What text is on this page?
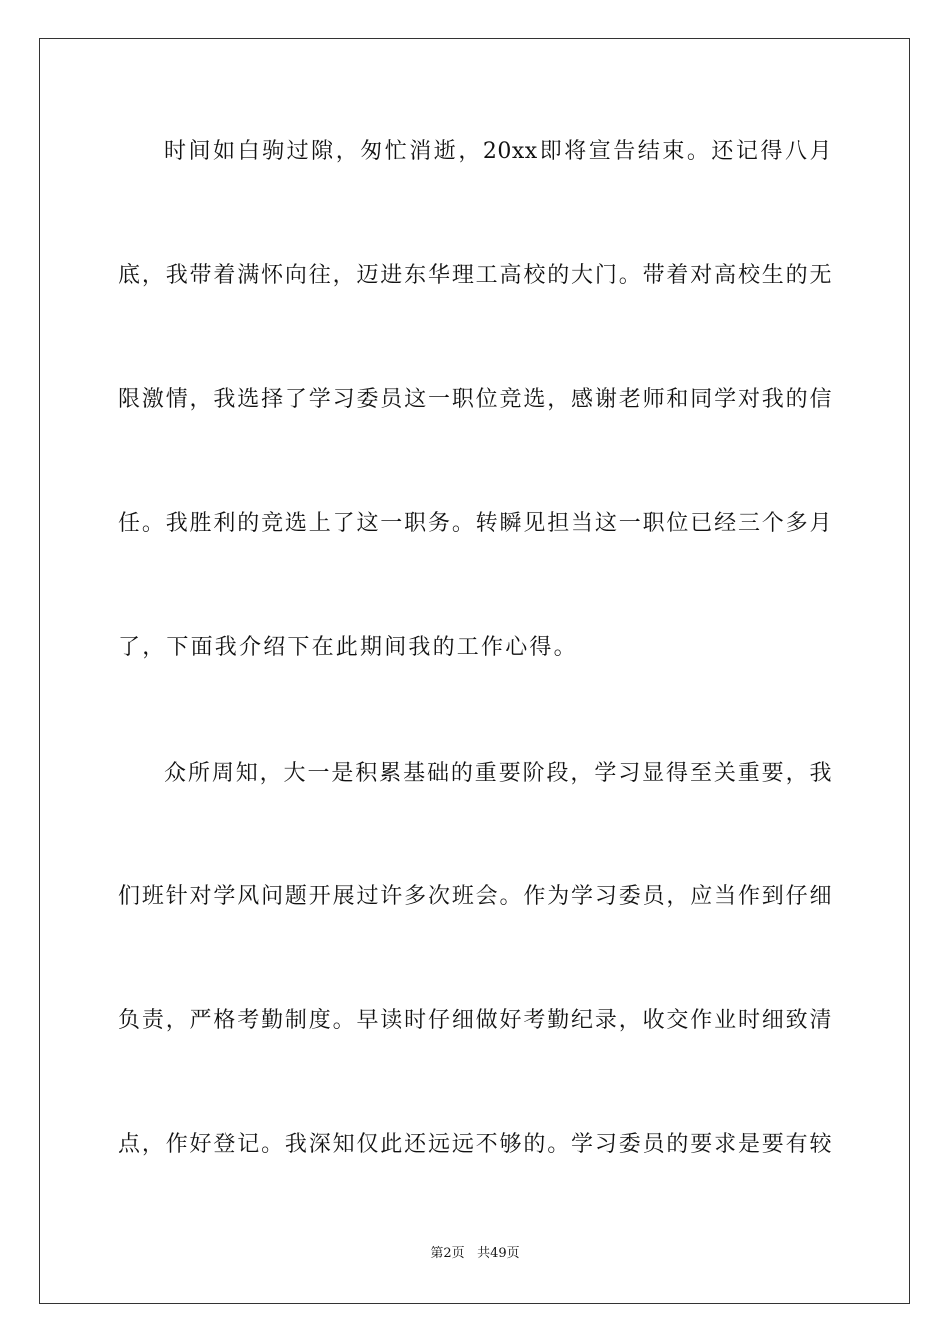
时间如白驹过隙，匆忙消逝，20xx即将宣告结束。还记得八月
底，我带着满怀向往，迈进东华理工高校的大门。带着对高校生的无
限激情，我选择了学习委员这一职位竞选，感谢老师和同学对我的信
任。我胜利的竞选上了这一职务。转瞬见担当这一职位已经三个多月
了，下面我介绍下在此期间我的工作心得。
众所周知，大一是积累基础的重要阶段，学习显得至关重要，我
们班针对学风问题开展过许多次班会。作为学习委员，应当作到仔细
负责，严格考勤制度。早读时仔细做好考勤纪录，收交作业时细致清
点，作好登记。我深知仅此还远远不够的。学习委员的要求是要有较
第2页 共49页
